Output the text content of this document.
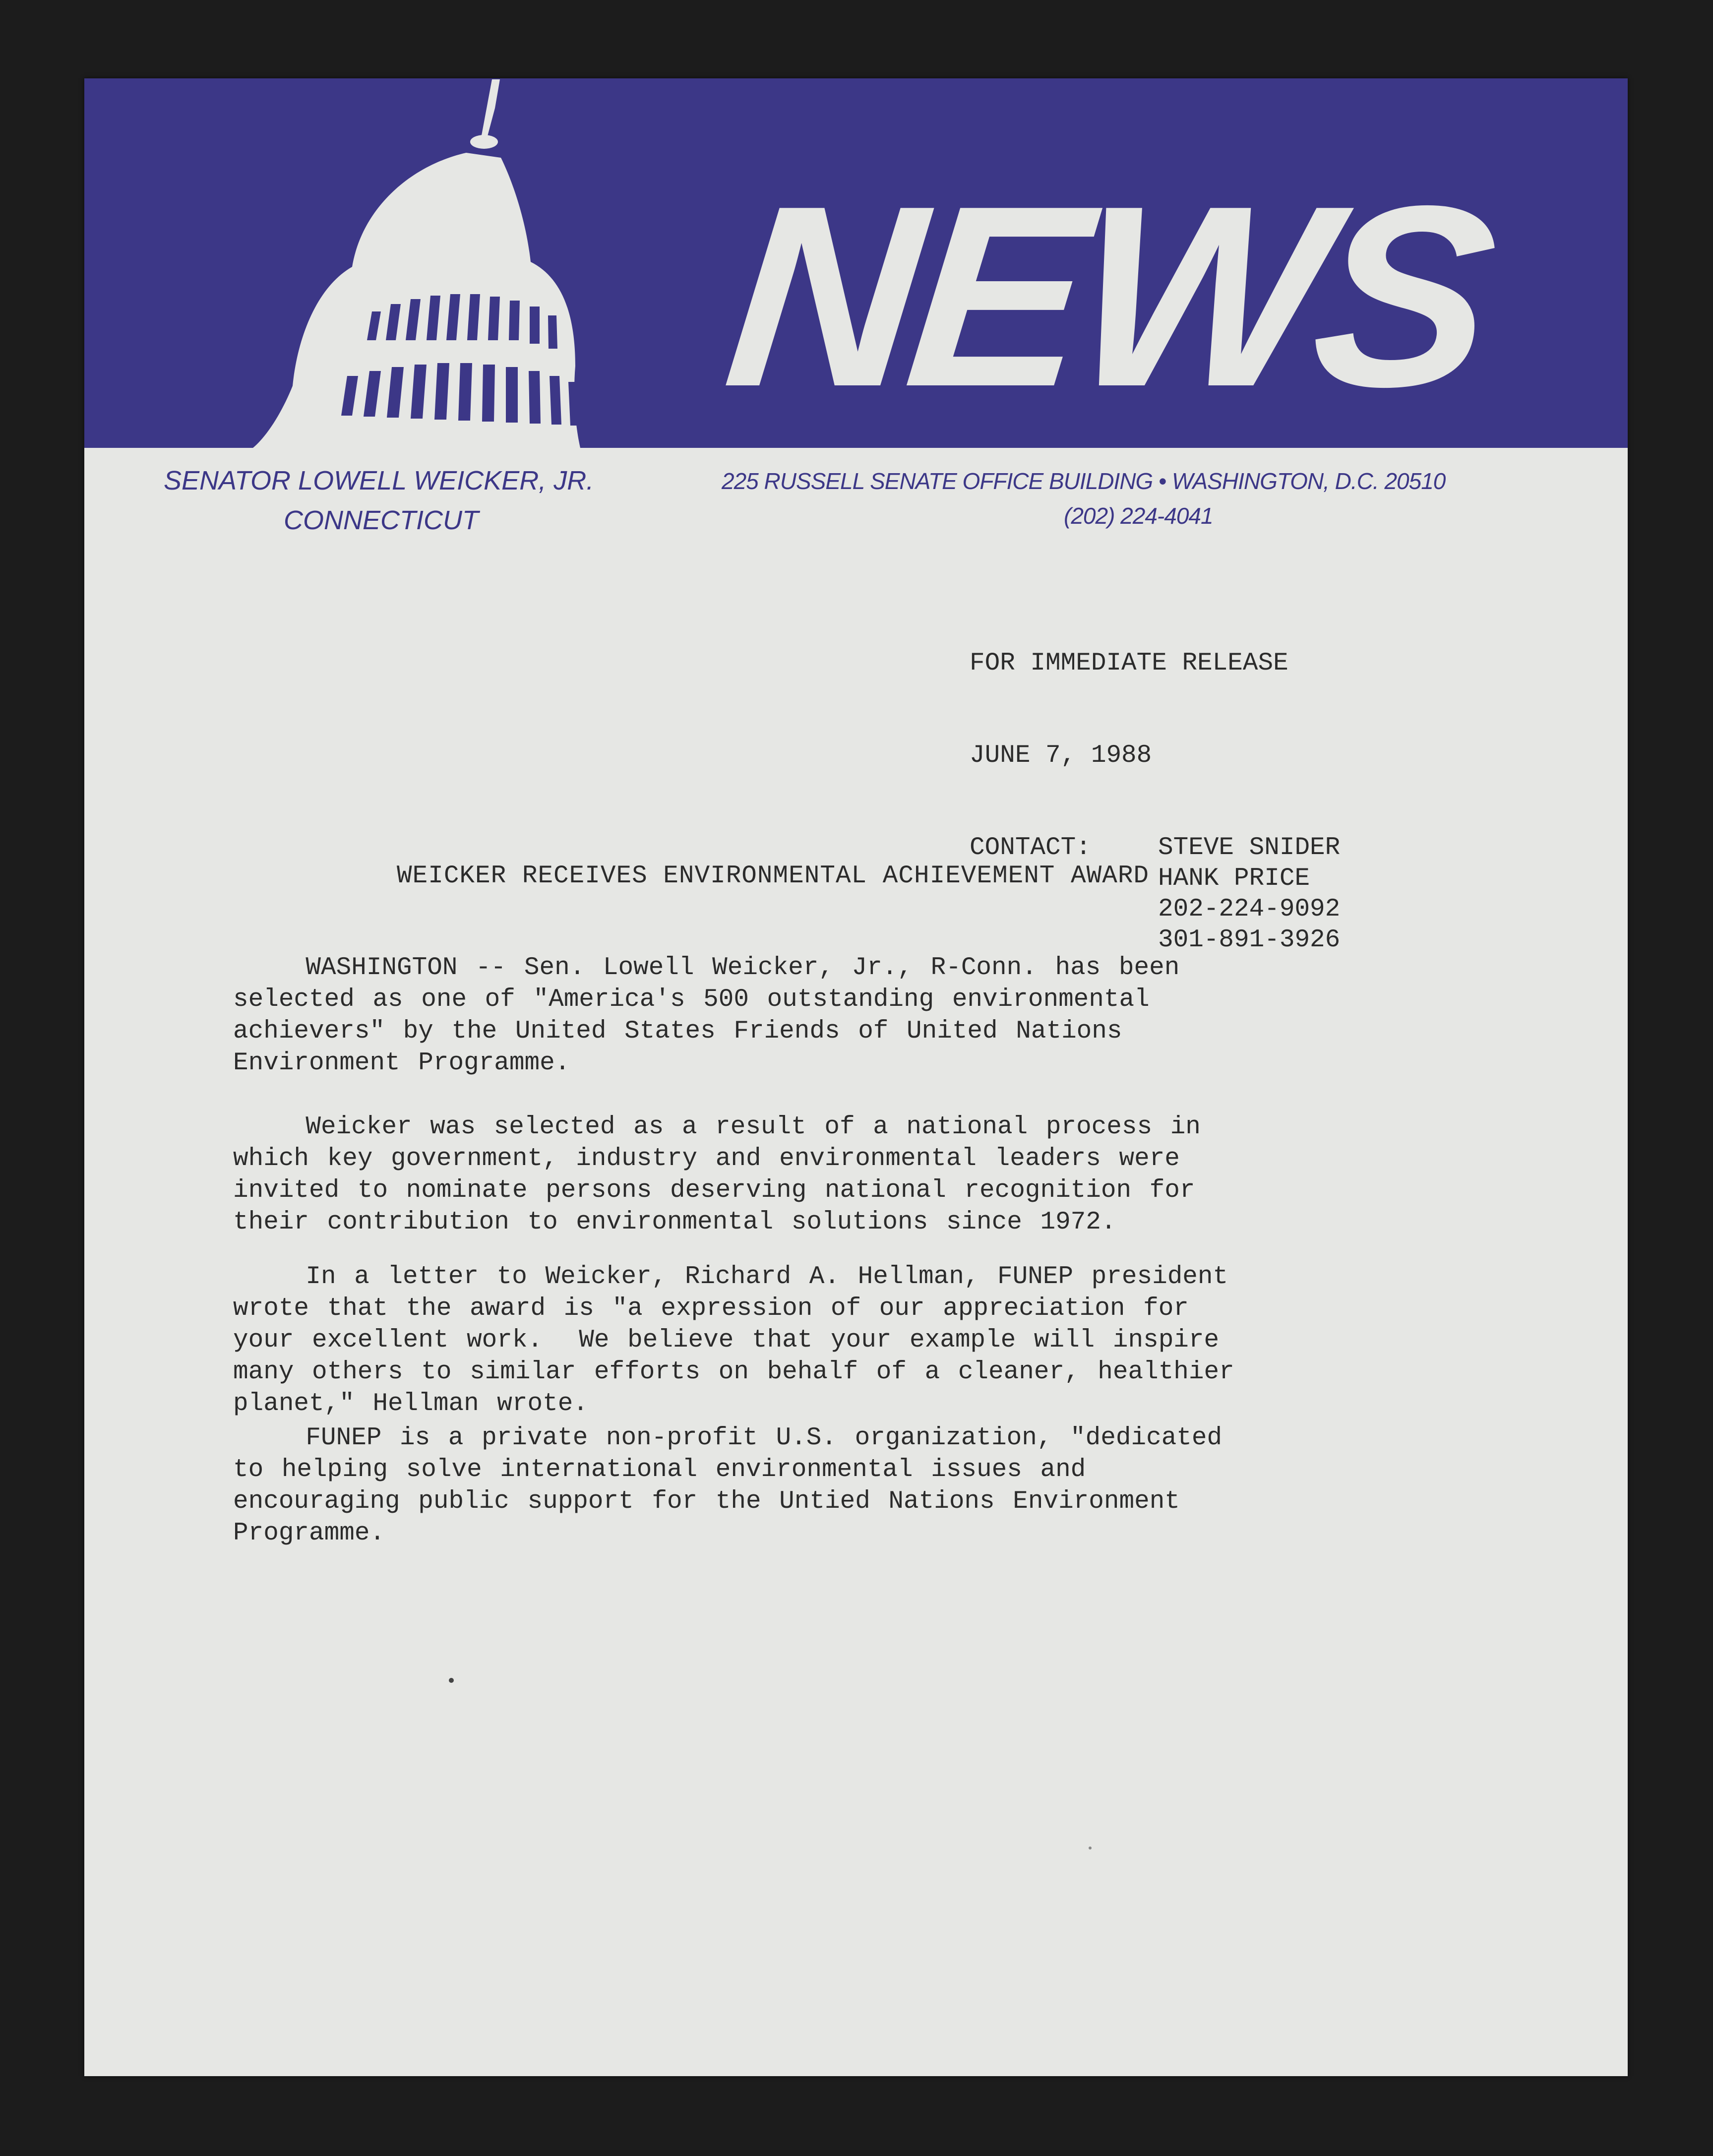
NEWS
SENATOR LOWELL WEICKER, JR.
CONNECTICUT
225 RUSSELL SENATE OFFICE BUILDING • WASHINGTON, D.C. 20510
(202) 224-4041

FOR IMMEDIATE RELEASE

JUNE 7, 1988

CONTACT:	STEVE SNIDER
HANK PRICE
202-224-9092
301-891-3926

WEICKER RECEIVES ENVIRONMENTAL ACHIEVEMENT AWARD
WASHINGTON -- Sen. Lowell Weicker, Jr., R-Conn. has been
selected as one of "America's 500 outstanding environmental
achievers" by the United States Friends of United Nations
Environment Programme.
Weicker was selected as a result of a national process in
which key government, industry and environmental leaders were
invited to nominate persons deserving national recognition for
their contribution to environmental solutions since 1972.
In a letter to Weicker, Richard A. Hellman, FUNEP president
wrote that the award is "a expression of our appreciation for
your excellent work.  We believe that your example will inspire
many others to similar efforts on behalf of a cleaner, healthier
planet," Hellman wrote.
FUNEP is a private non-profit U.S. organization, "dedicated
to helping solve international environmental issues and
encouraging public support for the Untied Nations Environment
Programme.
